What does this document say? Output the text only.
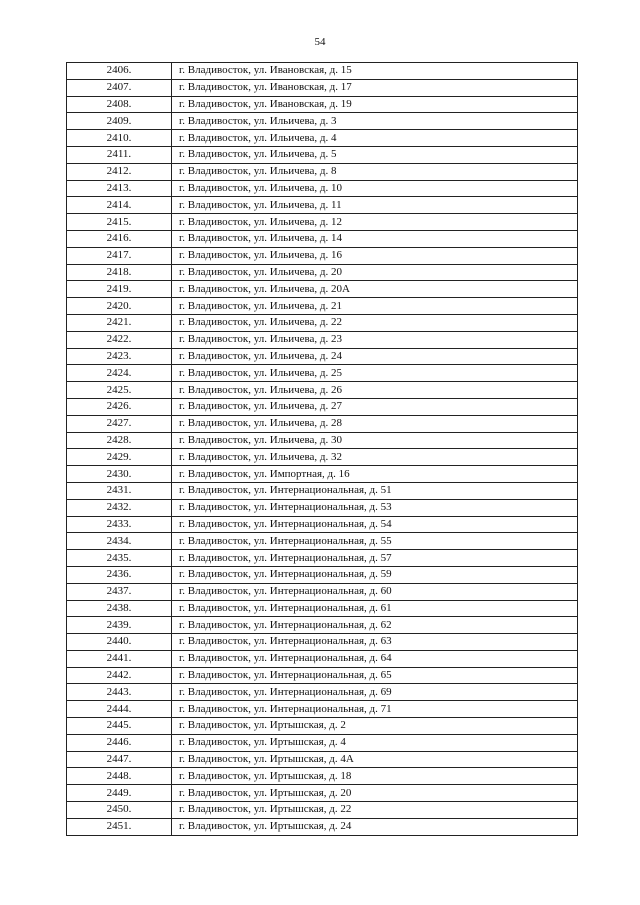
54
2406.	г. Владивосток, ул. Ивановская, д. 15
2407.	г. Владивосток, ул. Ивановская, д. 17
2408.	г. Владивосток, ул. Ивановская, д. 19
2409.	г. Владивосток, ул. Ильичева, д. 3
2410.	г. Владивосток, ул. Ильичева, д. 4
2411.	г. Владивосток, ул. Ильичева, д. 5
2412.	г. Владивосток, ул. Ильичева, д. 8
2413.	г. Владивосток, ул. Ильичева, д. 10
2414.	г. Владивосток, ул. Ильичева, д. 11
2415.	г. Владивосток, ул. Ильичева, д. 12
2416.	г. Владивосток, ул. Ильичева, д. 14
2417.	г. Владивосток, ул. Ильичева, д. 16
2418.	г. Владивосток, ул. Ильичева, д. 20
2419.	г. Владивосток, ул. Ильичева, д. 20А
2420.	г. Владивосток, ул. Ильичева, д. 21
2421.	г. Владивосток, ул. Ильичева, д. 22
2422.	г. Владивосток, ул. Ильичева, д. 23
2423.	г. Владивосток, ул. Ильичева, д. 24
2424.	г. Владивосток, ул. Ильичева, д. 25
2425.	г. Владивосток, ул. Ильичева, д. 26
2426.	г. Владивосток, ул. Ильичева, д. 27
2427.	г. Владивосток, ул. Ильичева, д. 28
2428.	г. Владивосток, ул. Ильичева, д. 30
2429.	г. Владивосток, ул. Ильичева, д. 32
2430.	г. Владивосток, ул. Импортная, д. 16
2431.	г. Владивосток, ул. Интернациональная, д. 51
2432.	г. Владивосток, ул. Интернациональная, д. 53
2433.	г. Владивосток, ул. Интернациональная, д. 54
2434.	г. Владивосток, ул. Интернациональная, д. 55
2435.	г. Владивосток, ул. Интернациональная, д. 57
2436.	г. Владивосток, ул. Интернациональная, д. 59
2437.	г. Владивосток, ул. Интернациональная, д. 60
2438.	г. Владивосток, ул. Интернациональная, д. 61
2439.	г. Владивосток, ул. Интернациональная, д. 62
2440.	г. Владивосток, ул. Интернациональная, д. 63
2441.	г. Владивосток, ул. Интернациональная, д. 64
2442.	г. Владивосток, ул. Интернациональная, д. 65
2443.	г. Владивосток, ул. Интернациональная, д. 69
2444.	г. Владивосток, ул. Интернациональная, д. 71
2445.	г. Владивосток, ул. Иртышская, д. 2
2446.	г. Владивосток, ул. Иртышская, д. 4
2447.	г. Владивосток, ул. Иртышская, д. 4А
2448.	г. Владивосток, ул. Иртышская, д. 18
2449.	г. Владивосток, ул. Иртышская, д. 20
2450.	г. Владивосток, ул. Иртышская, д. 22
2451.	г. Владивосток, ул. Иртышская, д. 24
